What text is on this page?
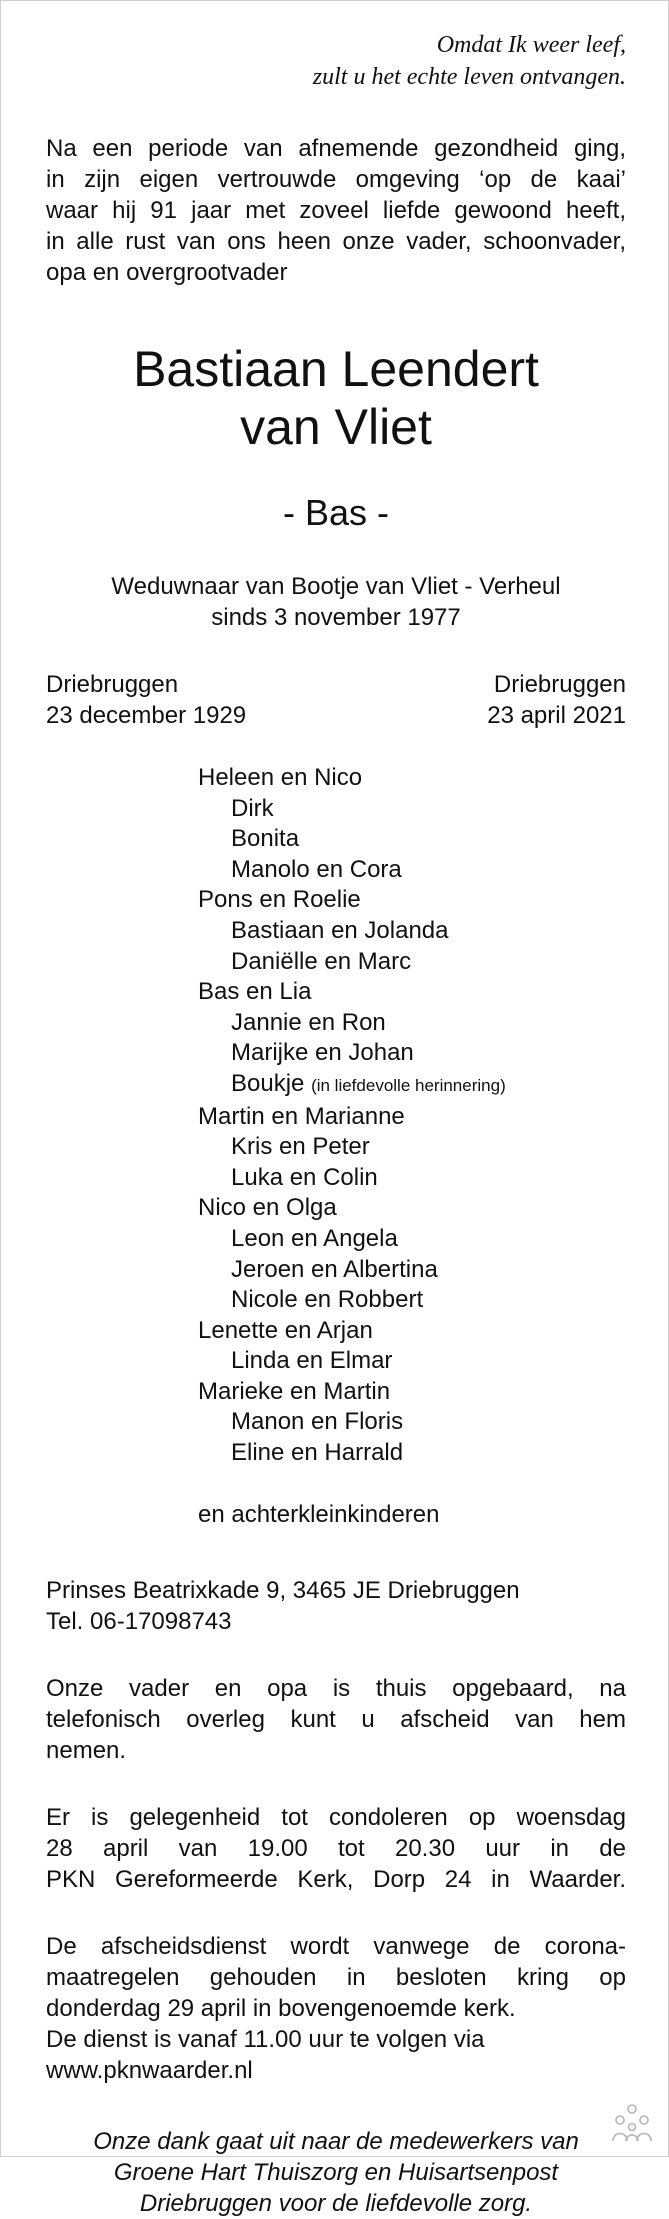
Omdat Ik weer leef,
zult u het echte leven ontvangen.
Na een periode van afnemende gezondheid ging,
in zijn eigen vertrouwde omgeving ‘op de kaai’
waar hij 91 jaar met zoveel liefde gewoond heeft,
in alle rust van ons heen onze vader, schoonvader,
opa en overgrootvader
Bastiaan Leendert
van Vliet
- Bas -
Weduwnaar van Bootje van Vliet - Verheul
sinds 3 november 1977
Driebruggen
23 december 1929
Driebruggen
23 april 2021
Heleen en Nico
Dirk
Bonita
Manolo en Cora
Pons en Roelie
Bastiaan en Jolanda
Daniëlle en Marc
Bas en Lia
Jannie en Ron
Marijke en Johan
Boukje (in liefdevolle herinnering)
Martin en Marianne
Kris en Peter
Luka en Colin
Nico en Olga
Leon en Angela
Jeroen en Albertina
Nicole en Robbert
Lenette en Arjan
Linda en Elmar
Marieke en Martin
Manon en Floris
Eline en Harrald
en achterkleinkinderen
Prinses Beatrixkade 9, 3465 JE Driebruggen
Tel. 06-17098743
Onze vader en opa is thuis opgebaard, na
telefonisch overleg kunt u afscheid van hem
nemen.
Er is gelegenheid tot condoleren op woensdag
28 april van 19.00 tot 20.30 uur in de
PKN Gereformeerde Kerk, Dorp 24 in Waarder.
De afscheidsdienst wordt vanwege de corona-
maatregelen gehouden in besloten kring op
donderdag 29 april in bovengenoemde kerk.
De dienst is vanaf 11.00 uur te volgen via
www.pknwaarder.nl
Onze dank gaat uit naar de medewerkers van
Groene Hart Thuiszorg en Huisartsenpost
Driebruggen voor de liefdevolle zorg.
